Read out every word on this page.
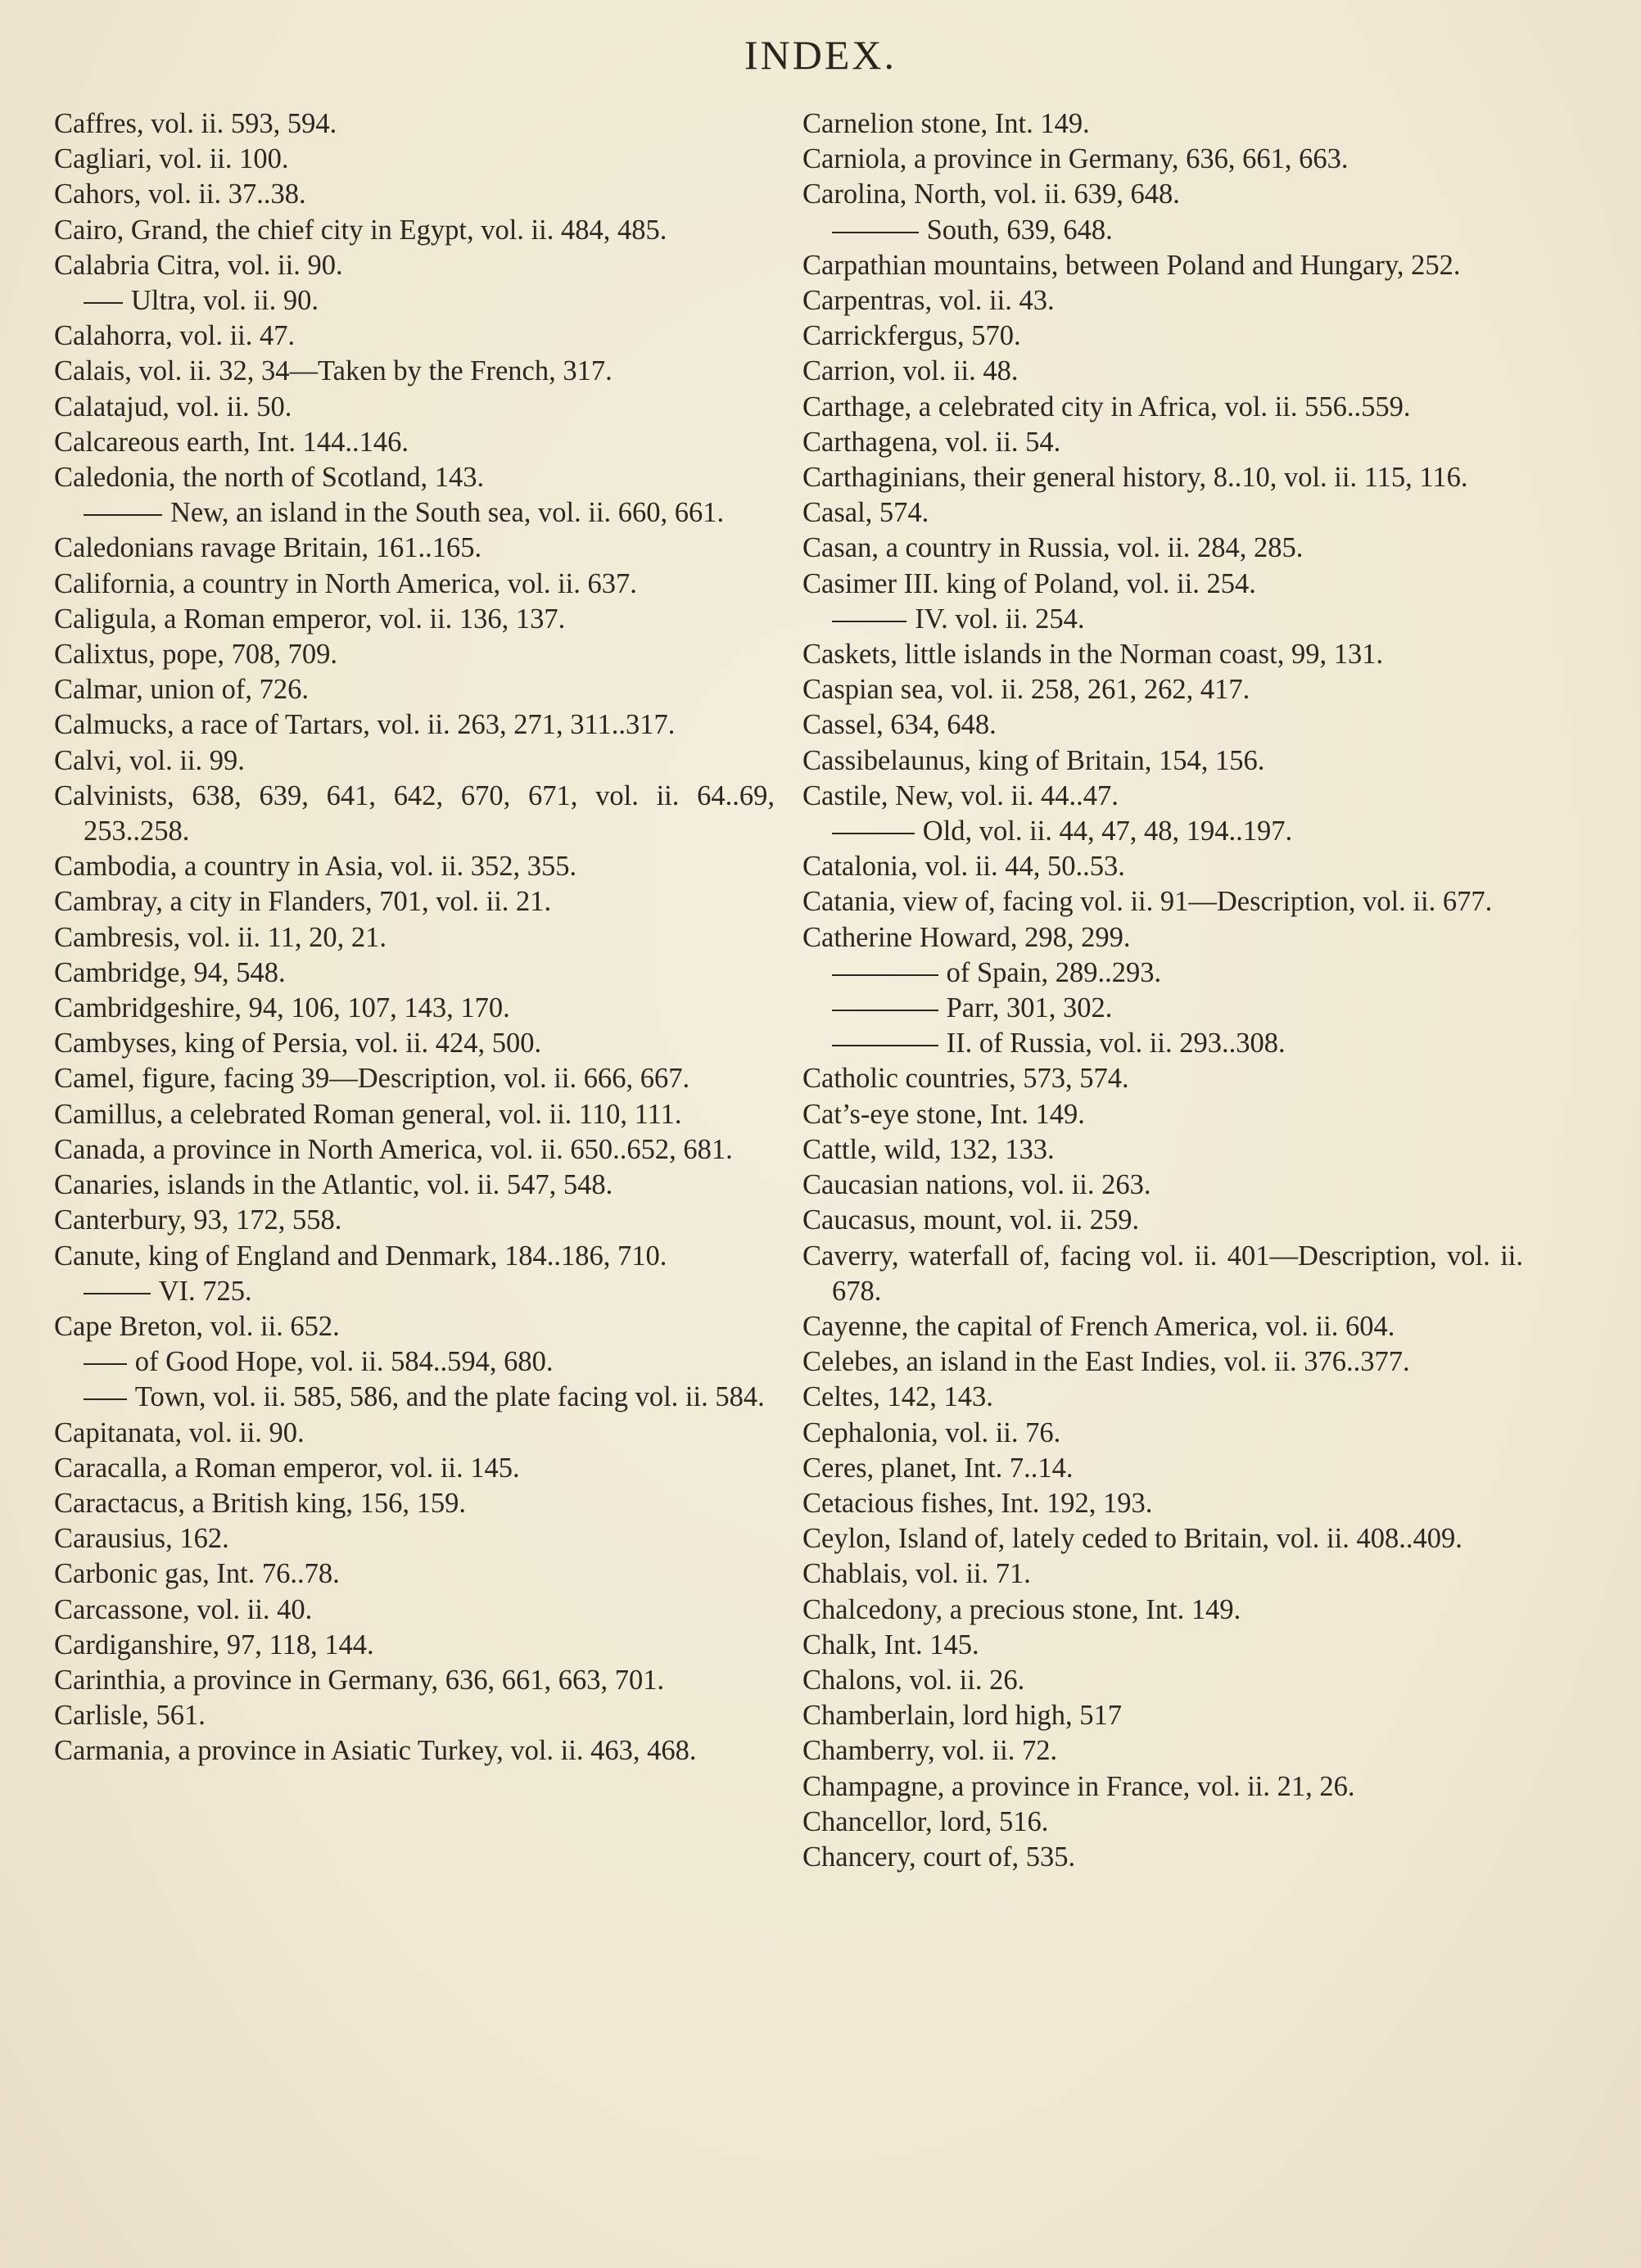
INDEX.
Caffres, vol. ii. 593, 594.
Cagliari, vol. ii. 100.
Cahors, vol. ii. 37..38.
Cairo, Grand, the chief city in Egypt, vol. ii. 484, 485.
Calabria Citra, vol. ii. 90.
Ultra, vol. ii. 90.
Calahorra, vol. ii. 47.
Calais, vol. ii. 32, 34—Taken by the French, 317.
Calatajud, vol. ii. 50.
Calcareous earth, Int. 144..146.
Caledonia, the north of Scotland, 143.
New, an island in the South sea, vol. ii. 660, 661.
Caledonians ravage Britain, 161..165.
California, a country in North America, vol. ii. 637.
Caligula, a Roman emperor, vol. ii. 136, 137.
Calixtus, pope, 708, 709.
Calmar, union of, 726.
Calmucks, a race of Tartars, vol. ii. 263, 271, 311..317.
Calvi, vol. ii. 99.
Calvinists, 638, 639, 641, 642, 670, 671, vol. ii. 64..69, 253..258.
Cambodia, a country in Asia, vol. ii. 352, 355.
Cambray, a city in Flanders, 701, vol. ii. 21.
Cambresis, vol. ii. 11, 20, 21.
Cambridge, 94, 548.
Cambridgeshire, 94, 106, 107, 143, 170.
Cambyses, king of Persia, vol. ii. 424, 500.
Camel, figure, facing 39—Description, vol. ii. 666, 667.
Camillus, a celebrated Roman general, vol. ii. 110, 111.
Canada, a province in North America, vol. ii. 650..652, 681.
Canaries, islands in the Atlantic, vol. ii. 547, 548.
Canterbury, 93, 172, 558.
Canute, king of England and Denmark, 184..186, 710.
VI. 725.
Cape Breton, vol. ii. 652.
of Good Hope, vol. ii. 584..594, 680.
Town, vol. ii. 585, 586, and the plate facing vol. ii. 584.
Capitanata, vol. ii. 90.
Caracalla, a Roman emperor, vol. ii. 145.
Caractacus, a British king, 156, 159.
Carausius, 162.
Carbonic gas, Int. 76..78.
Carcassone, vol. ii. 40.
Cardiganshire, 97, 118, 144.
Carinthia, a province in Germany, 636, 661, 663, 701.
Carlisle, 561.
Carmania, a province in Asiatic Turkey, vol. ii. 463, 468.
Carnelion stone, Int. 149.
Carniola, a province in Germany, 636, 661, 663.
Carolina, North, vol. ii. 639, 648.
South, 639, 648.
Carpathian mountains, between Poland and Hungary, 252.
Carpentras, vol. ii. 43.
Carrickfergus, 570.
Carrion, vol. ii. 48.
Carthage, a celebrated city in Africa, vol. ii. 556..559.
Carthagena, vol. ii. 54.
Carthaginians, their general history, 8..10, vol. ii. 115, 116.
Casal, 574.
Casan, a country in Russia, vol. ii. 284, 285.
Casimer III. king of Poland, vol. ii. 254.
IV. vol. ii. 254.
Caskets, little islands in the Norman coast, 99, 131.
Caspian sea, vol. ii. 258, 261, 262, 417.
Cassel, 634, 648.
Cassibelaunus, king of Britain, 154, 156.
Castile, New, vol. ii. 44..47.
Old, vol. ii. 44, 47, 48, 194..197.
Catalonia, vol. ii. 44, 50..53.
Catania, view of, facing vol. ii. 91—Description, vol. ii. 677.
Catherine Howard, 298, 299.
of Spain, 289..293.
Parr, 301, 302.
II. of Russia, vol. ii. 293..308.
Catholic countries, 573, 574.
Cat’s-eye stone, Int. 149.
Cattle, wild, 132, 133.
Caucasian nations, vol. ii. 263.
Caucasus, mount, vol. ii. 259.
Caverry, waterfall of, facing vol. ii. 401—Description, vol. ii. 678.
Cayenne, the capital of French America, vol. ii. 604.
Celebes, an island in the East Indies, vol. ii. 376..377.
Celtes, 142, 143.
Cephalonia, vol. ii. 76.
Ceres, planet, Int. 7..14.
Cetacious fishes, Int. 192, 193.
Ceylon, Island of, lately ceded to Britain, vol. ii. 408..409.
Chablais, vol. ii. 71.
Chalcedony, a precious stone, Int. 149.
Chalk, Int. 145.
Chalons, vol. ii. 26.
Chamberlain, lord high, 517
Chamberry, vol. ii. 72.
Champagne, a province in France, vol. ii. 21, 26.
Chancellor, lord, 516.
Chancery, court of, 535.
